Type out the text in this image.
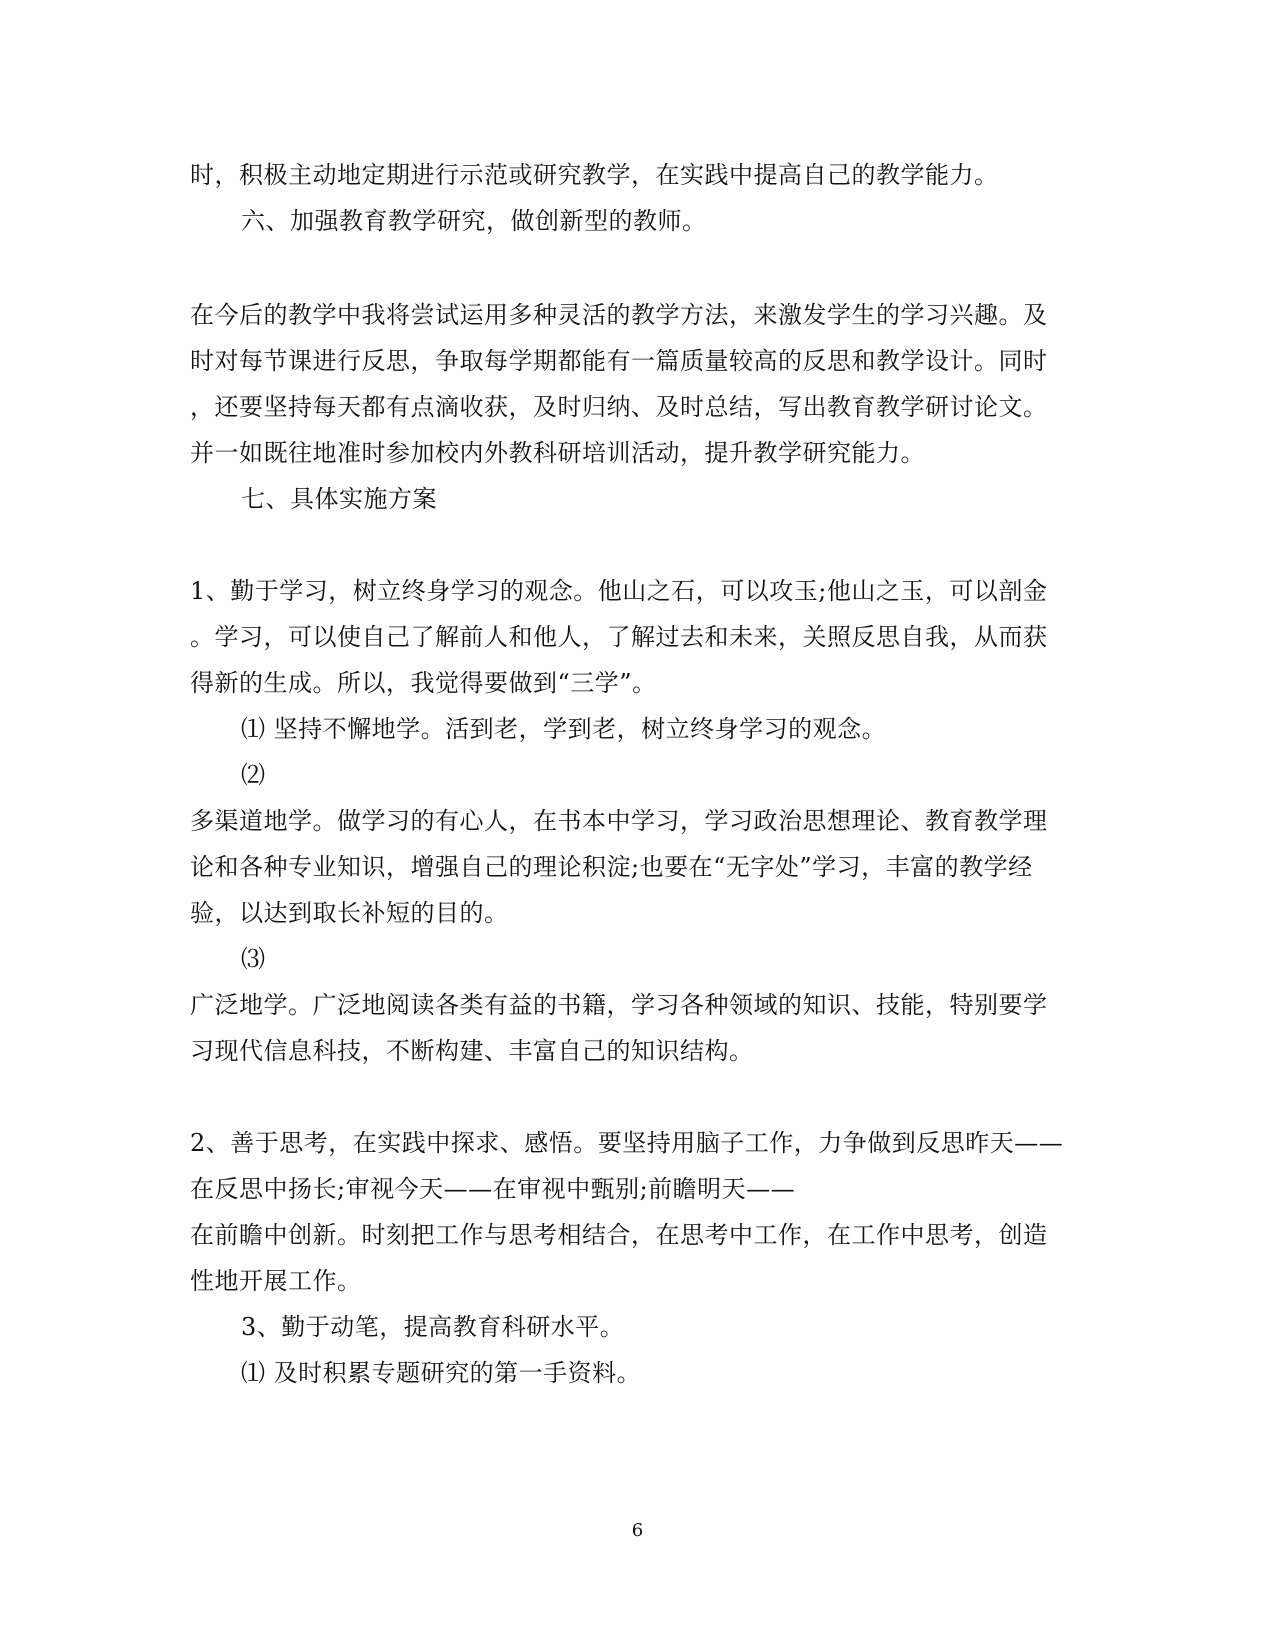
时，积极主动地定期进行示范或研究教学，在实践中提高自己的教学能力。
六、加强教育教学研究，做创新型的教师。
在今后的教学中我将尝试运用多种灵活的教学方法，来激发学生的学习兴趣。及
时对每节课进行反思，争取每学期都能有一篇质量较高的反思和教学设计。同时
，还要坚持每天都有点滴收获，及时归纳、及时总结，写出教育教学研讨论文。
并一如既往地准时参加校内外教科研培训活动，提升教学研究能力。
七、具体实施方案
1、勤于学习，树立终身学习的观念。他山之石，可以攻玉;他山之玉，可以剖金
。学习，可以使自己了解前人和他人，了解过去和未来，关照反思自我，从而获
得新的生成。所以，我觉得要做到“三学”。
⑴ 坚持不懈地学。活到老，学到老，树立终身学习的观念。
⑵
多渠道地学。做学习的有心人，在书本中学习，学习政治思想理论、教育教学理
论和各种专业知识，增强自己的理论积淀;也要在“无字处”学习，丰富的教学经
验，以达到取长补短的目的。
⑶
广泛地学。广泛地阅读各类有益的书籍，学习各种领域的知识、技能，特别要学
习现代信息科技，不断构建、丰富自己的知识结构。
2、善于思考，在实践中探求、感悟。要坚持用脑子工作，力争做到反思昨天——
在反思中扬长;审视今天——在审视中甄别;前瞻明天——
在前瞻中创新。时刻把工作与思考相结合，在思考中工作，在工作中思考，创造
性地开展工作。
3、勤于动笔，提高教育科研水平。
⑴ 及时积累专题研究的第一手资料。
6
